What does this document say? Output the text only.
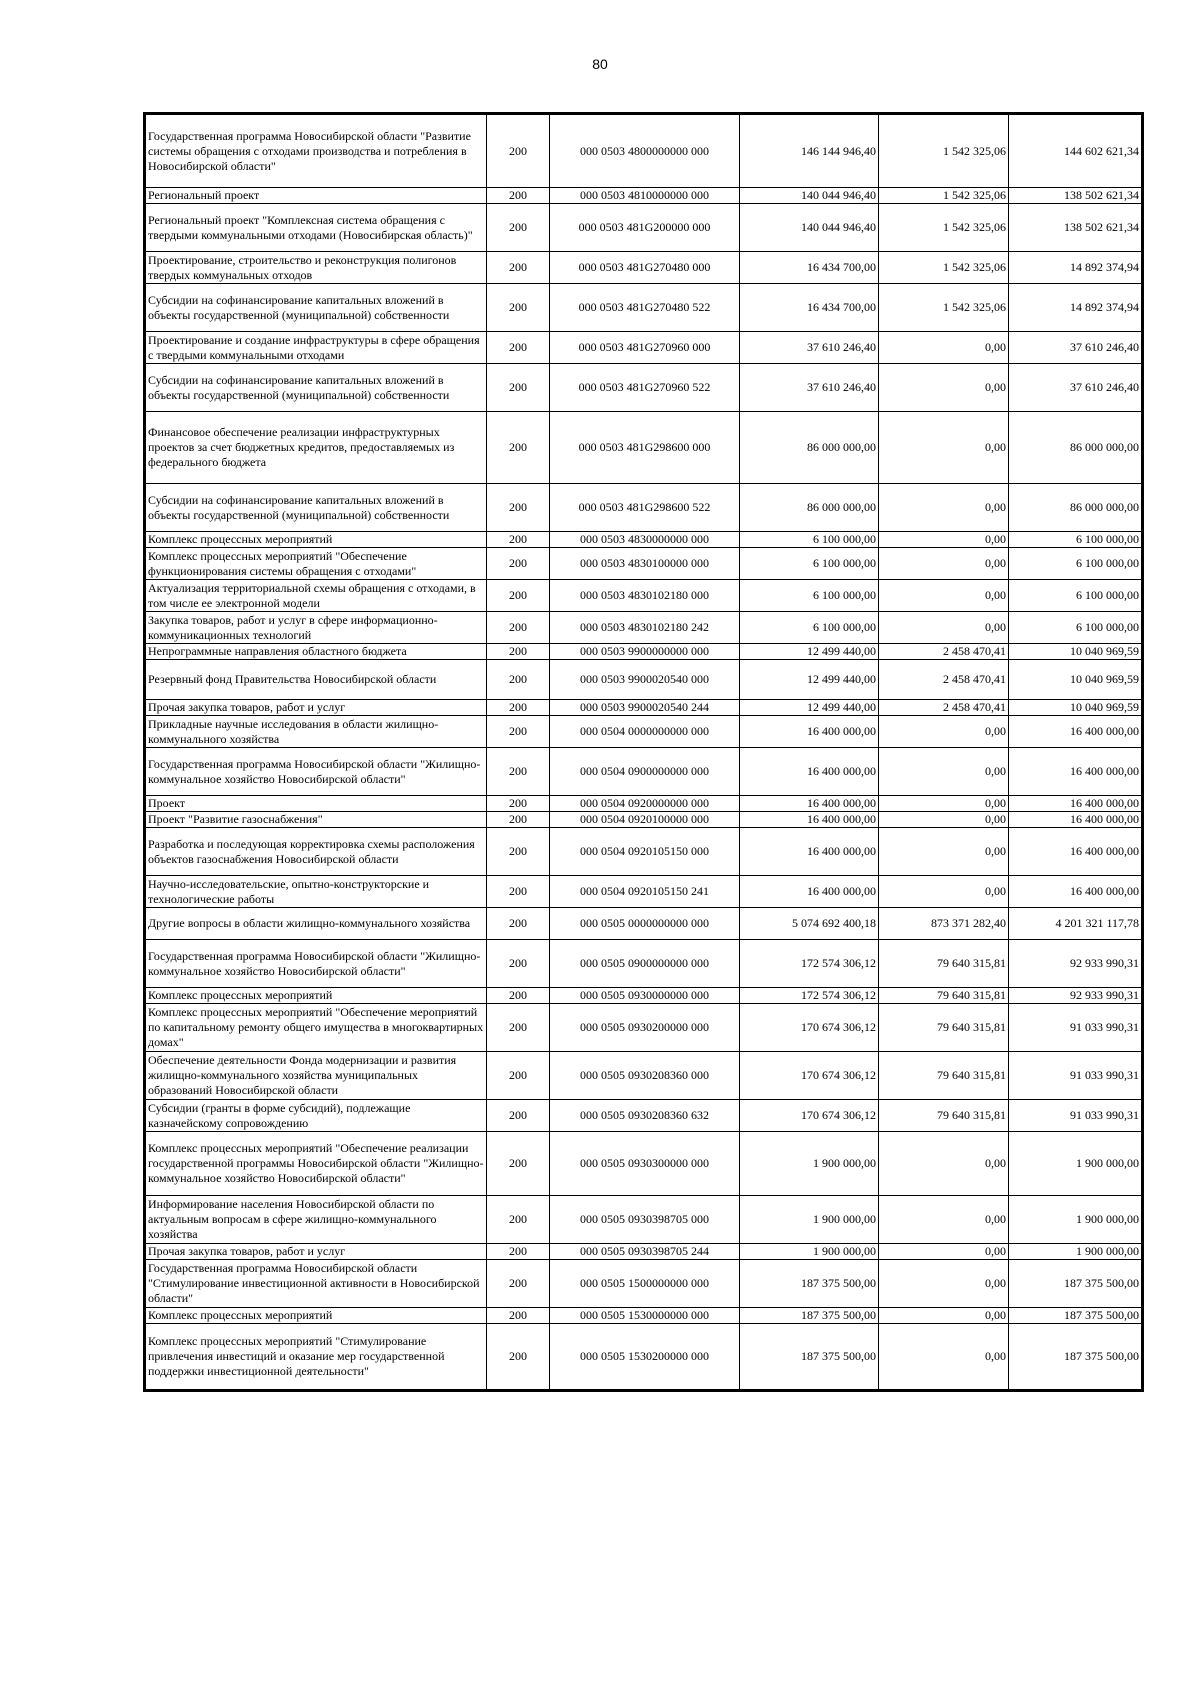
80
Государственная программа Новосибирской области "Развитие системы обращения с отходами производства и потребления в Новосибирской области"	200	000 0503 4800000000 000	146 144 946,40	1 542 325,06	144 602 621,34
Региональный проект	200	000 0503 4810000000 000	140 044 946,40	1 542 325,06	138 502 621,34
Региональный проект "Комплексная система обращения с твердыми коммунальными отходами (Новосибирская область)"	200	000 0503 481G200000 000	140 044 946,40	1 542 325,06	138 502 621,34
Проектирование, строительство и реконструкция полигонов твердых коммунальных отходов	200	000 0503 481G270480 000	16 434 700,00	1 542 325,06	14 892 374,94
Субсидии на софинансирование капитальных вложений в объекты государственной (муниципальной) собственности	200	000 0503 481G270480 522	16 434 700,00	1 542 325,06	14 892 374,94
Проектирование и создание инфраструктуры в сфере обращения с твердыми коммунальными отходами	200	000 0503 481G270960 000	37 610 246,40	0,00	37 610 246,40
Субсидии на софинансирование капитальных вложений в объекты государственной (муниципальной) собственности	200	000 0503 481G270960 522	37 610 246,40	0,00	37 610 246,40
Финансовое обеспечение реализации инфраструктурных проектов за счет бюджетных кредитов, предоставляемых из федерального бюджета	200	000 0503 481G298600 000	86 000 000,00	0,00	86 000 000,00
Субсидии на софинансирование капитальных вложений в объекты государственной (муниципальной) собственности	200	000 0503 481G298600 522	86 000 000,00	0,00	86 000 000,00
Комплекс процессных мероприятий	200	000 0503 4830000000 000	6 100 000,00	0,00	6 100 000,00
Комплекс процессных мероприятий "Обеспечение функционирования системы обращения с отходами"	200	000 0503 4830100000 000	6 100 000,00	0,00	6 100 000,00
Актуализация территориальной схемы обращения с отходами, в том числе ее электронной модели	200	000 0503 4830102180 000	6 100 000,00	0,00	6 100 000,00
Закупка товаров, работ и услуг в сфере информационно-коммуникационных технологий	200	000 0503 4830102180 242	6 100 000,00	0,00	6 100 000,00
Непрограммные направления областного бюджета	200	000 0503 9900000000 000	12 499 440,00	2 458 470,41	10 040 969,59
Резервный фонд Правительства Новосибирской области	200	000 0503 9900020540 000	12 499 440,00	2 458 470,41	10 040 969,59
Прочая закупка товаров, работ и услуг	200	000 0503 9900020540 244	12 499 440,00	2 458 470,41	10 040 969,59
Прикладные научные исследования в области жилищно-коммунального хозяйства	200	000 0504 0000000000 000	16 400 000,00	0,00	16 400 000,00
Государственная программа Новосибирской области "Жилищно-коммунальное хозяйство Новосибирской области"	200	000 0504 0900000000 000	16 400 000,00	0,00	16 400 000,00
Проект	200	000 0504 0920000000 000	16 400 000,00	0,00	16 400 000,00
Проект "Развитие газоснабжения"	200	000 0504 0920100000 000	16 400 000,00	0,00	16 400 000,00
Разработка и последующая корректировка схемы расположения объектов газоснабжения Новосибирской области	200	000 0504 0920105150 000	16 400 000,00	0,00	16 400 000,00
Научно-исследовательские, опытно-конструкторские и технологические работы	200	000 0504 0920105150 241	16 400 000,00	0,00	16 400 000,00
Другие вопросы в области жилищно-коммунального хозяйства	200	000 0505 0000000000 000	5 074 692 400,18	873 371 282,40	4 201 321 117,78
Государственная программа Новосибирской области "Жилищно-коммунальное хозяйство Новосибирской области"	200	000 0505 0900000000 000	172 574 306,12	79 640 315,81	92 933 990,31
Комплекс процессных мероприятий	200	000 0505 0930000000 000	172 574 306,12	79 640 315,81	92 933 990,31
Комплекс процессных мероприятий "Обеспечение мероприятий по капитальному ремонту общего имущества в многоквартирных домах"	200	000 0505 0930200000 000	170 674 306,12	79 640 315,81	91 033 990,31
Обеспечение деятельности Фонда модернизации и развития жилищно-коммунального хозяйства муниципальных образований Новосибирской области	200	000 0505 0930208360 000	170 674 306,12	79 640 315,81	91 033 990,31
Субсидии (гранты в форме субсидий), подлежащие казначейскому сопровождению	200	000 0505 0930208360 632	170 674 306,12	79 640 315,81	91 033 990,31
Комплекс процессных мероприятий "Обеспечение реализации государственной программы Новосибирской области "Жилищно-коммунальное хозяйство Новосибирской области"	200	000 0505 0930300000 000	1 900 000,00	0,00	1 900 000,00
Информирование населения Новосибирской области по актуальным вопросам в сфере жилищно-коммунального хозяйства	200	000 0505 0930398705 000	1 900 000,00	0,00	1 900 000,00
Прочая закупка товаров, работ и услуг	200	000 0505 0930398705 244	1 900 000,00	0,00	1 900 000,00
Государственная программа Новосибирской области "Стимулирование инвестиционной активности в Новосибирской области"	200	000 0505 1500000000 000	187 375 500,00	0,00	187 375 500,00
Комплекс процессных мероприятий	200	000 0505 1530000000 000	187 375 500,00	0,00	187 375 500,00
Комплекс процессных мероприятий "Стимулирование привлечения инвестиций и оказание мер государственной поддержки инвестиционной деятельности"	200	000 0505 1530200000 000	187 375 500,00	0,00	187 375 500,00
